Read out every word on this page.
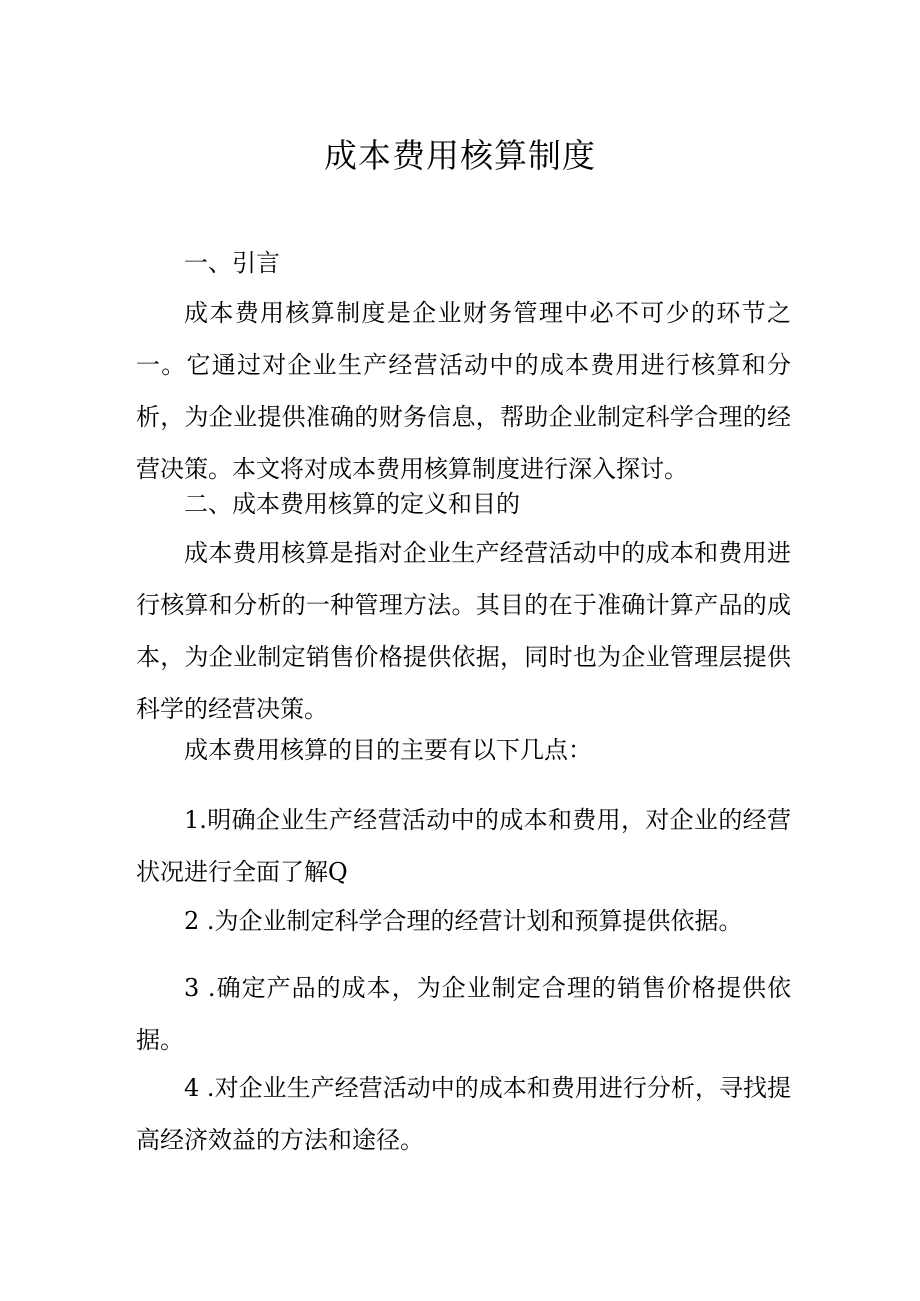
成本费用核算制度

一、引言

成本费用核算制度是企业财务管理中必不可少的环节之一。它通过对企业生产经营活动中的成本费用进行核算和分析，为企业提供准确的财务信息，帮助企业制定科学合理的经营决策。本文将对成本费用核算制度进行深入探讨。

二、成本费用核算的定义和目的

成本费用核算是指对企业生产经营活动中的成本和费用进行核算和分析的一种管理方法。其目的在于准确计算产品的成本，为企业制定销售价格提供依据，同时也为企业管理层提供科学的经营决策。

成本费用核算的目的主要有以下几点：

1.明确企业生产经营活动中的成本和费用，对企业的经营状况进行全面了解Q

2 .为企业制定科学合理的经营计划和预算提供依据。

3 .确定产品的成本，为企业制定合理的销售价格提供依据。

4 .对企业生产经营活动中的成本和费用进行分析，寻找提高经济效益的方法和途径。
